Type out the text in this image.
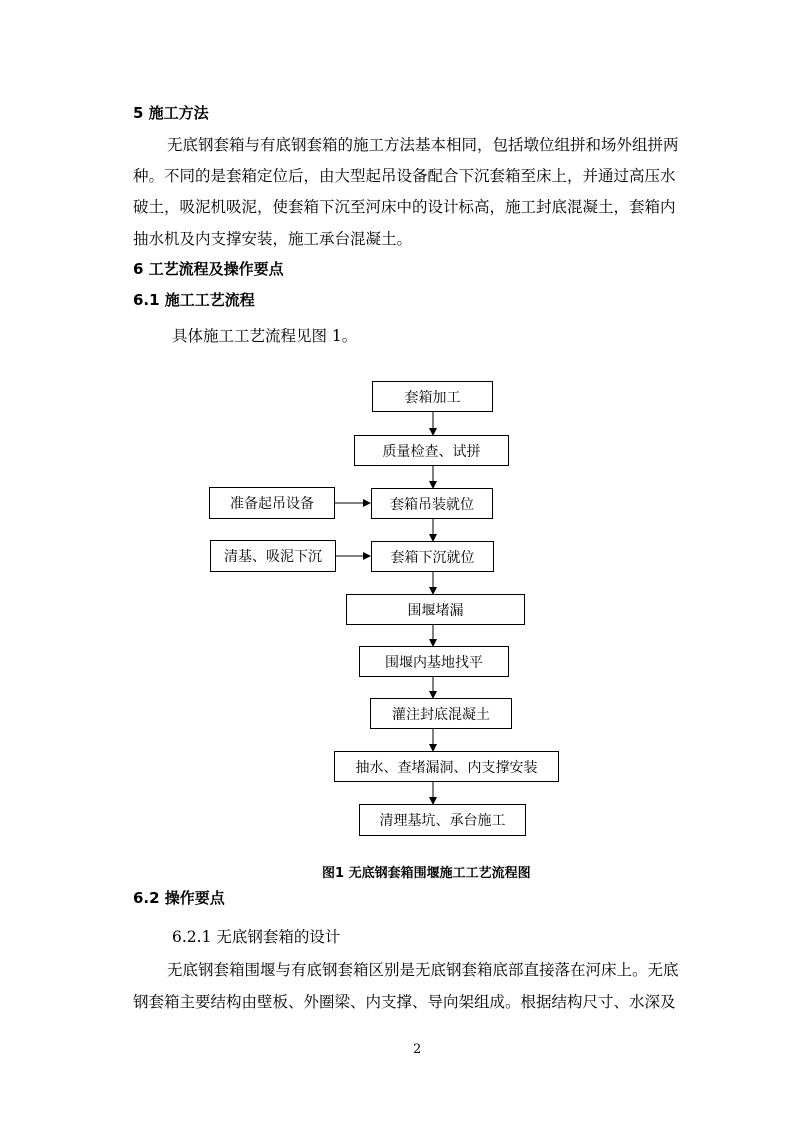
5 施工方法
无底钢套箱与有底钢套箱的施工方法基本相同，包括墩位组拼和场外组拼两
种。不同的是套箱定位后，由大型起吊设备配合下沉套箱至床上，并通过高压水
破土，吸泥机吸泥，使套箱下沉至河床中的设计标高，施工封底混凝土，套箱内
抽水机及内支撑安装，施工承台混凝土。
6 工艺流程及操作要点
6.1 施工工艺流程
具体施工工艺流程见图 1。
套箱加工
质量检查、试拼
套箱吊装就位
套箱下沉就位
围堰堵漏
围堰内基地找平
灌注封底混凝土
抽水、查堵漏洞、内支撑安装
清理基坑、承台施工
准备起吊设备
清基、吸泥下沉
图1 无底钢套箱围堰施工工艺流程图
6.2 操作要点
6.2.1 无底钢套箱的设计
无底钢套箱围堰与有底钢套箱区别是无底钢套箱底部直接落在河床上。无底
钢套箱主要结构由壁板、外圈梁、内支撑、导向架组成。根据结构尺寸、水深及
2
